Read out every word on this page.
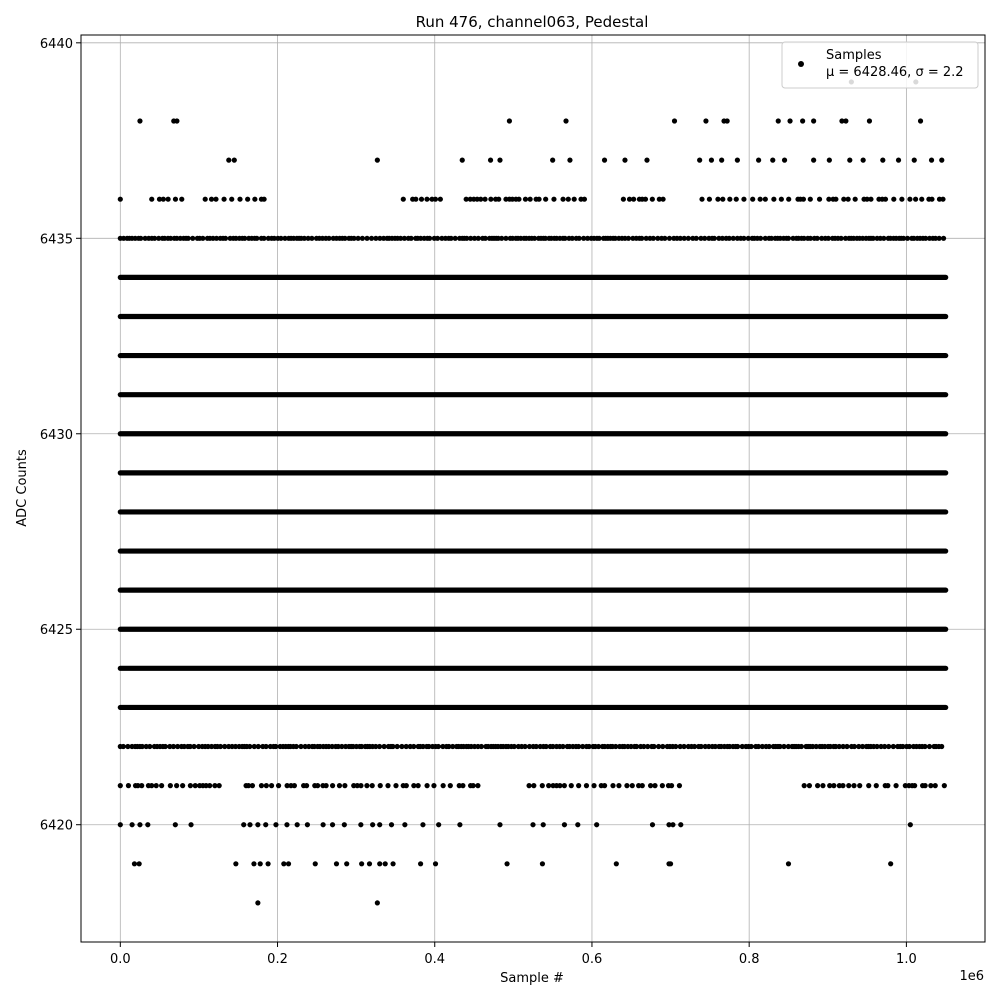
Run 476, channel063, Pedestal
0.0	0.2	0.4	0.6	0.8	1.0
6420
6425
6430
6435
6440
Sample #
ADC Counts
1e6
Samples
μ = 6428.46, σ = 2.2
